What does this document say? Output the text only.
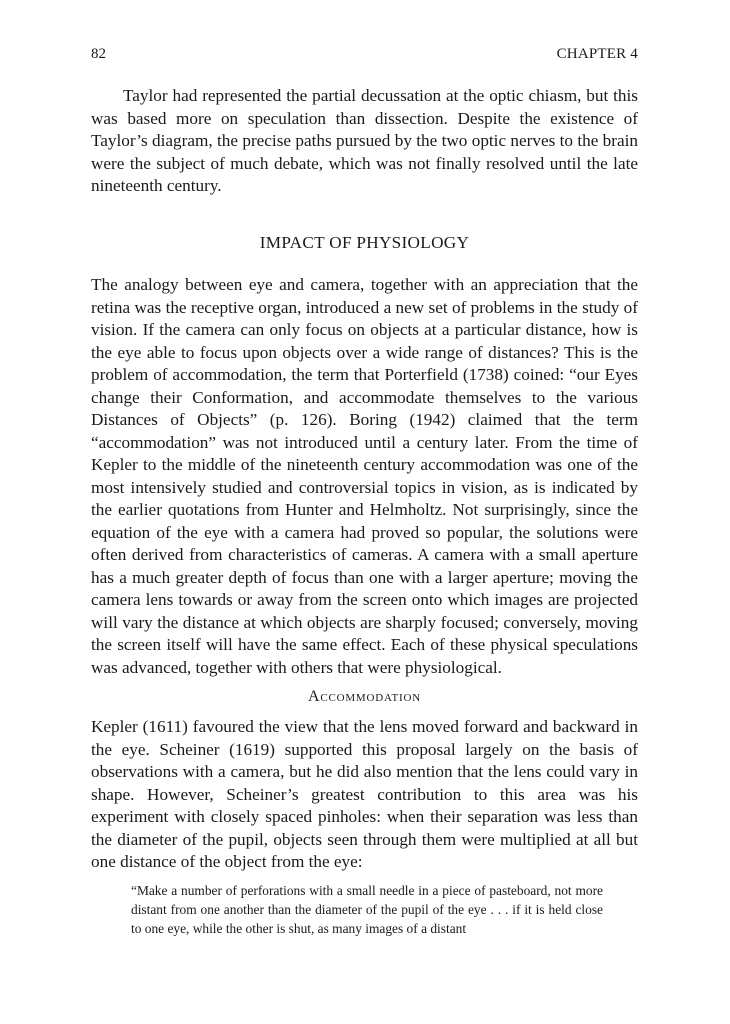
82	CHAPTER 4

Taylor had represented the partial decussation at the optic chiasm, but this was based more on speculation than dissection. Despite the existence of Taylor’s diagram, the precise paths pursued by the two optic nerves to the brain were the subject of much debate, which was not finally resolved until the late nineteenth century.

IMPACT OF PHYSIOLOGY

The analogy between eye and camera, together with an appreciation that the retina was the receptive organ, introduced a new set of problems in the study of vision. If the camera can only focus on objects at a particular distance, how is the eye able to focus upon objects over a wide range of distances? This is the problem of accommodation, the term that Porterfield (1738) coined: “our Eyes change their Conformation, and accommodate themselves to the various Distances of Objects” (p. 126). Boring (1942) claimed that the term “accommodation” was not introduced until a century later. From the time of Kepler to the middle of the nineteenth century accommodation was one of the most intensively studied and controversial topics in vision, as is indicated by the earlier quotations from Hunter and Helmholtz. Not surprisingly, since the equation of the eye with a camera had proved so popular, the solutions were often derived from characteristics of cameras. A camera with a small aperture has a much greater depth of focus than one with a larger aperture; moving the camera lens towards or away from the screen onto which images are projected will vary the distance at which objects are sharply focused; conversely, moving the screen itself will have the same effect. Each of these physical speculations was advanced, together with others that were physiological.

Accommodation

Kepler (1611) favoured the view that the lens moved forward and backward in the eye. Scheiner (1619) supported this proposal largely on the basis of observations with a camera, but he did also mention that the lens could vary in shape. However, Scheiner’s greatest contribution to this area was his experiment with closely spaced pinholes: when their separation was less than the diameter of the pupil, objects seen through them were multiplied at all but one distance of the object from the eye:

“Make a number of perforations with a small needle in a piece of pasteboard, not more distant from one another than the diameter of the pupil of the eye . . . if it is held close to one eye, while the other is shut, as many images of a distant
